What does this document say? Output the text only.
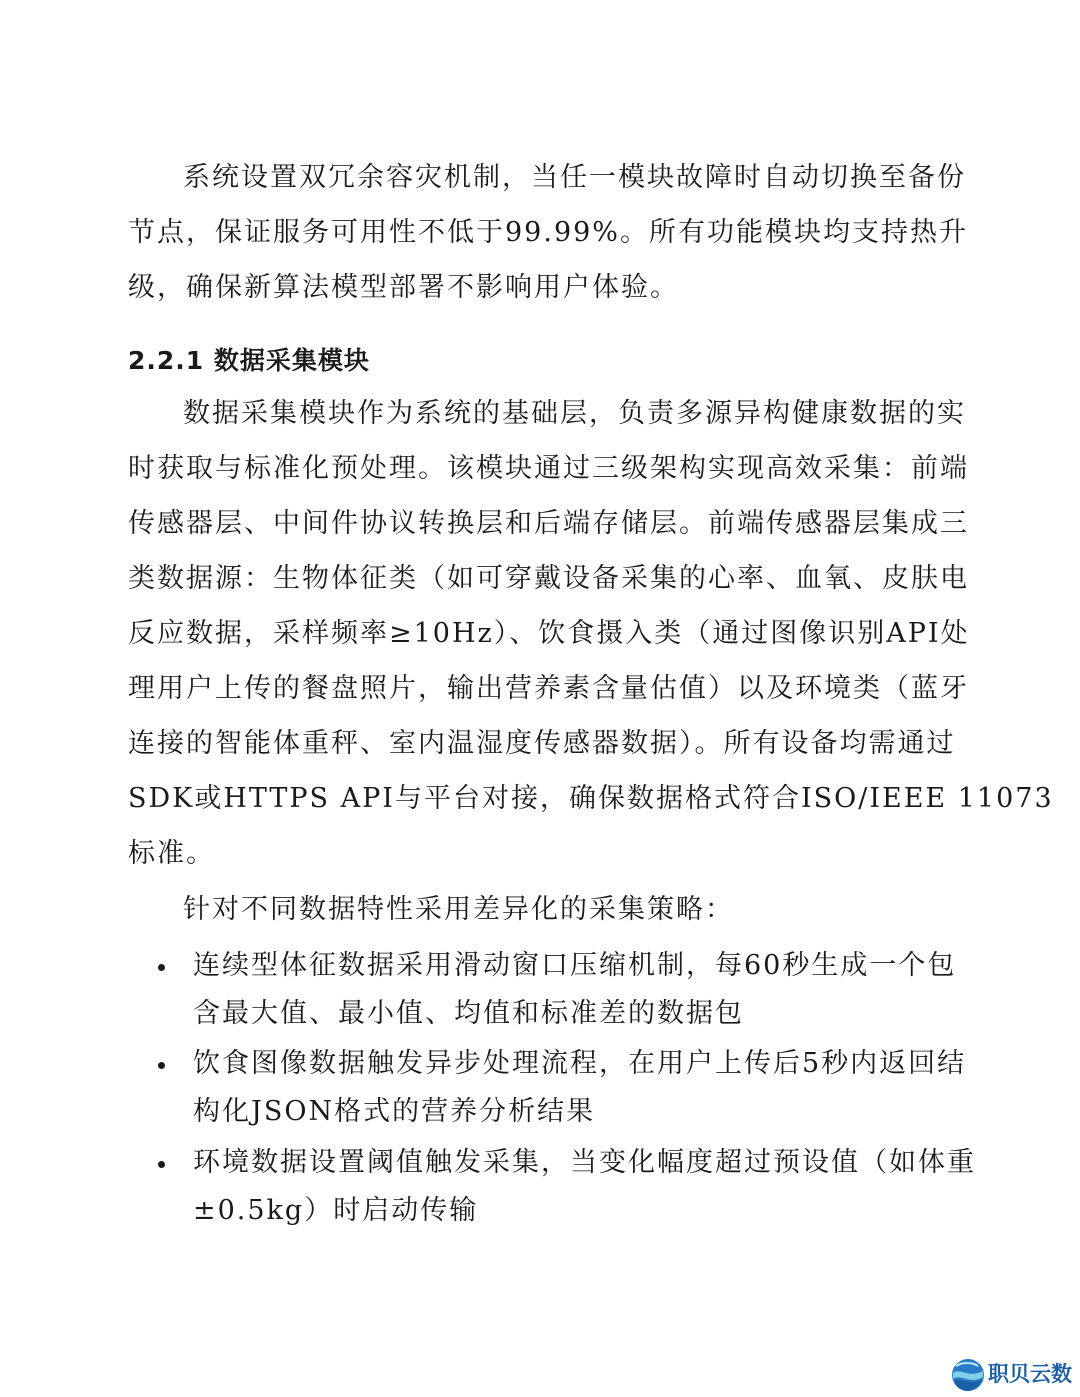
系统设置双冗余容灾机制，当任一模块故障时自动切换至备份
节点，保证服务可用性不低于99.99%。所有功能模块均支持热升
级，确保新算法模型部署不影响用户体验。

2.2.1 数据采集模块

数据采集模块作为系统的基础层，负责多源异构健康数据的实
时获取与标准化预处理。该模块通过三级架构实现高效采集：前端
传感器层、中间件协议转换层和后端存储层。前端传感器层集成三
类数据源：生物体征类（如可穿戴设备采集的心率、血氧、皮肤电
反应数据，采样频率≥10Hz）、饮食摄入类（通过图像识别API处
理用户上传的餐盘照片，输出营养素含量估值）以及环境类（蓝牙
连接的智能体重秤、室内温湿度传感器数据）。所有设备均需通过
SDK或HTTPS API与平台对接，确保数据格式符合ISO/IEEE 11073
标准。

针对不同数据特性采用差异化的采集策略：

连续型体征数据采用滑动窗口压缩机制，每60秒生成一个包
含最大值、最小值、均值和标准差的数据包

饮食图像数据触发异步处理流程，在用户上传后5秒内返回结
构化JSON格式的营养分析结果

环境数据设置阈值触发采集，当变化幅度超过预设值（如体重
±0.5kg）时启动传输

职贝云数
